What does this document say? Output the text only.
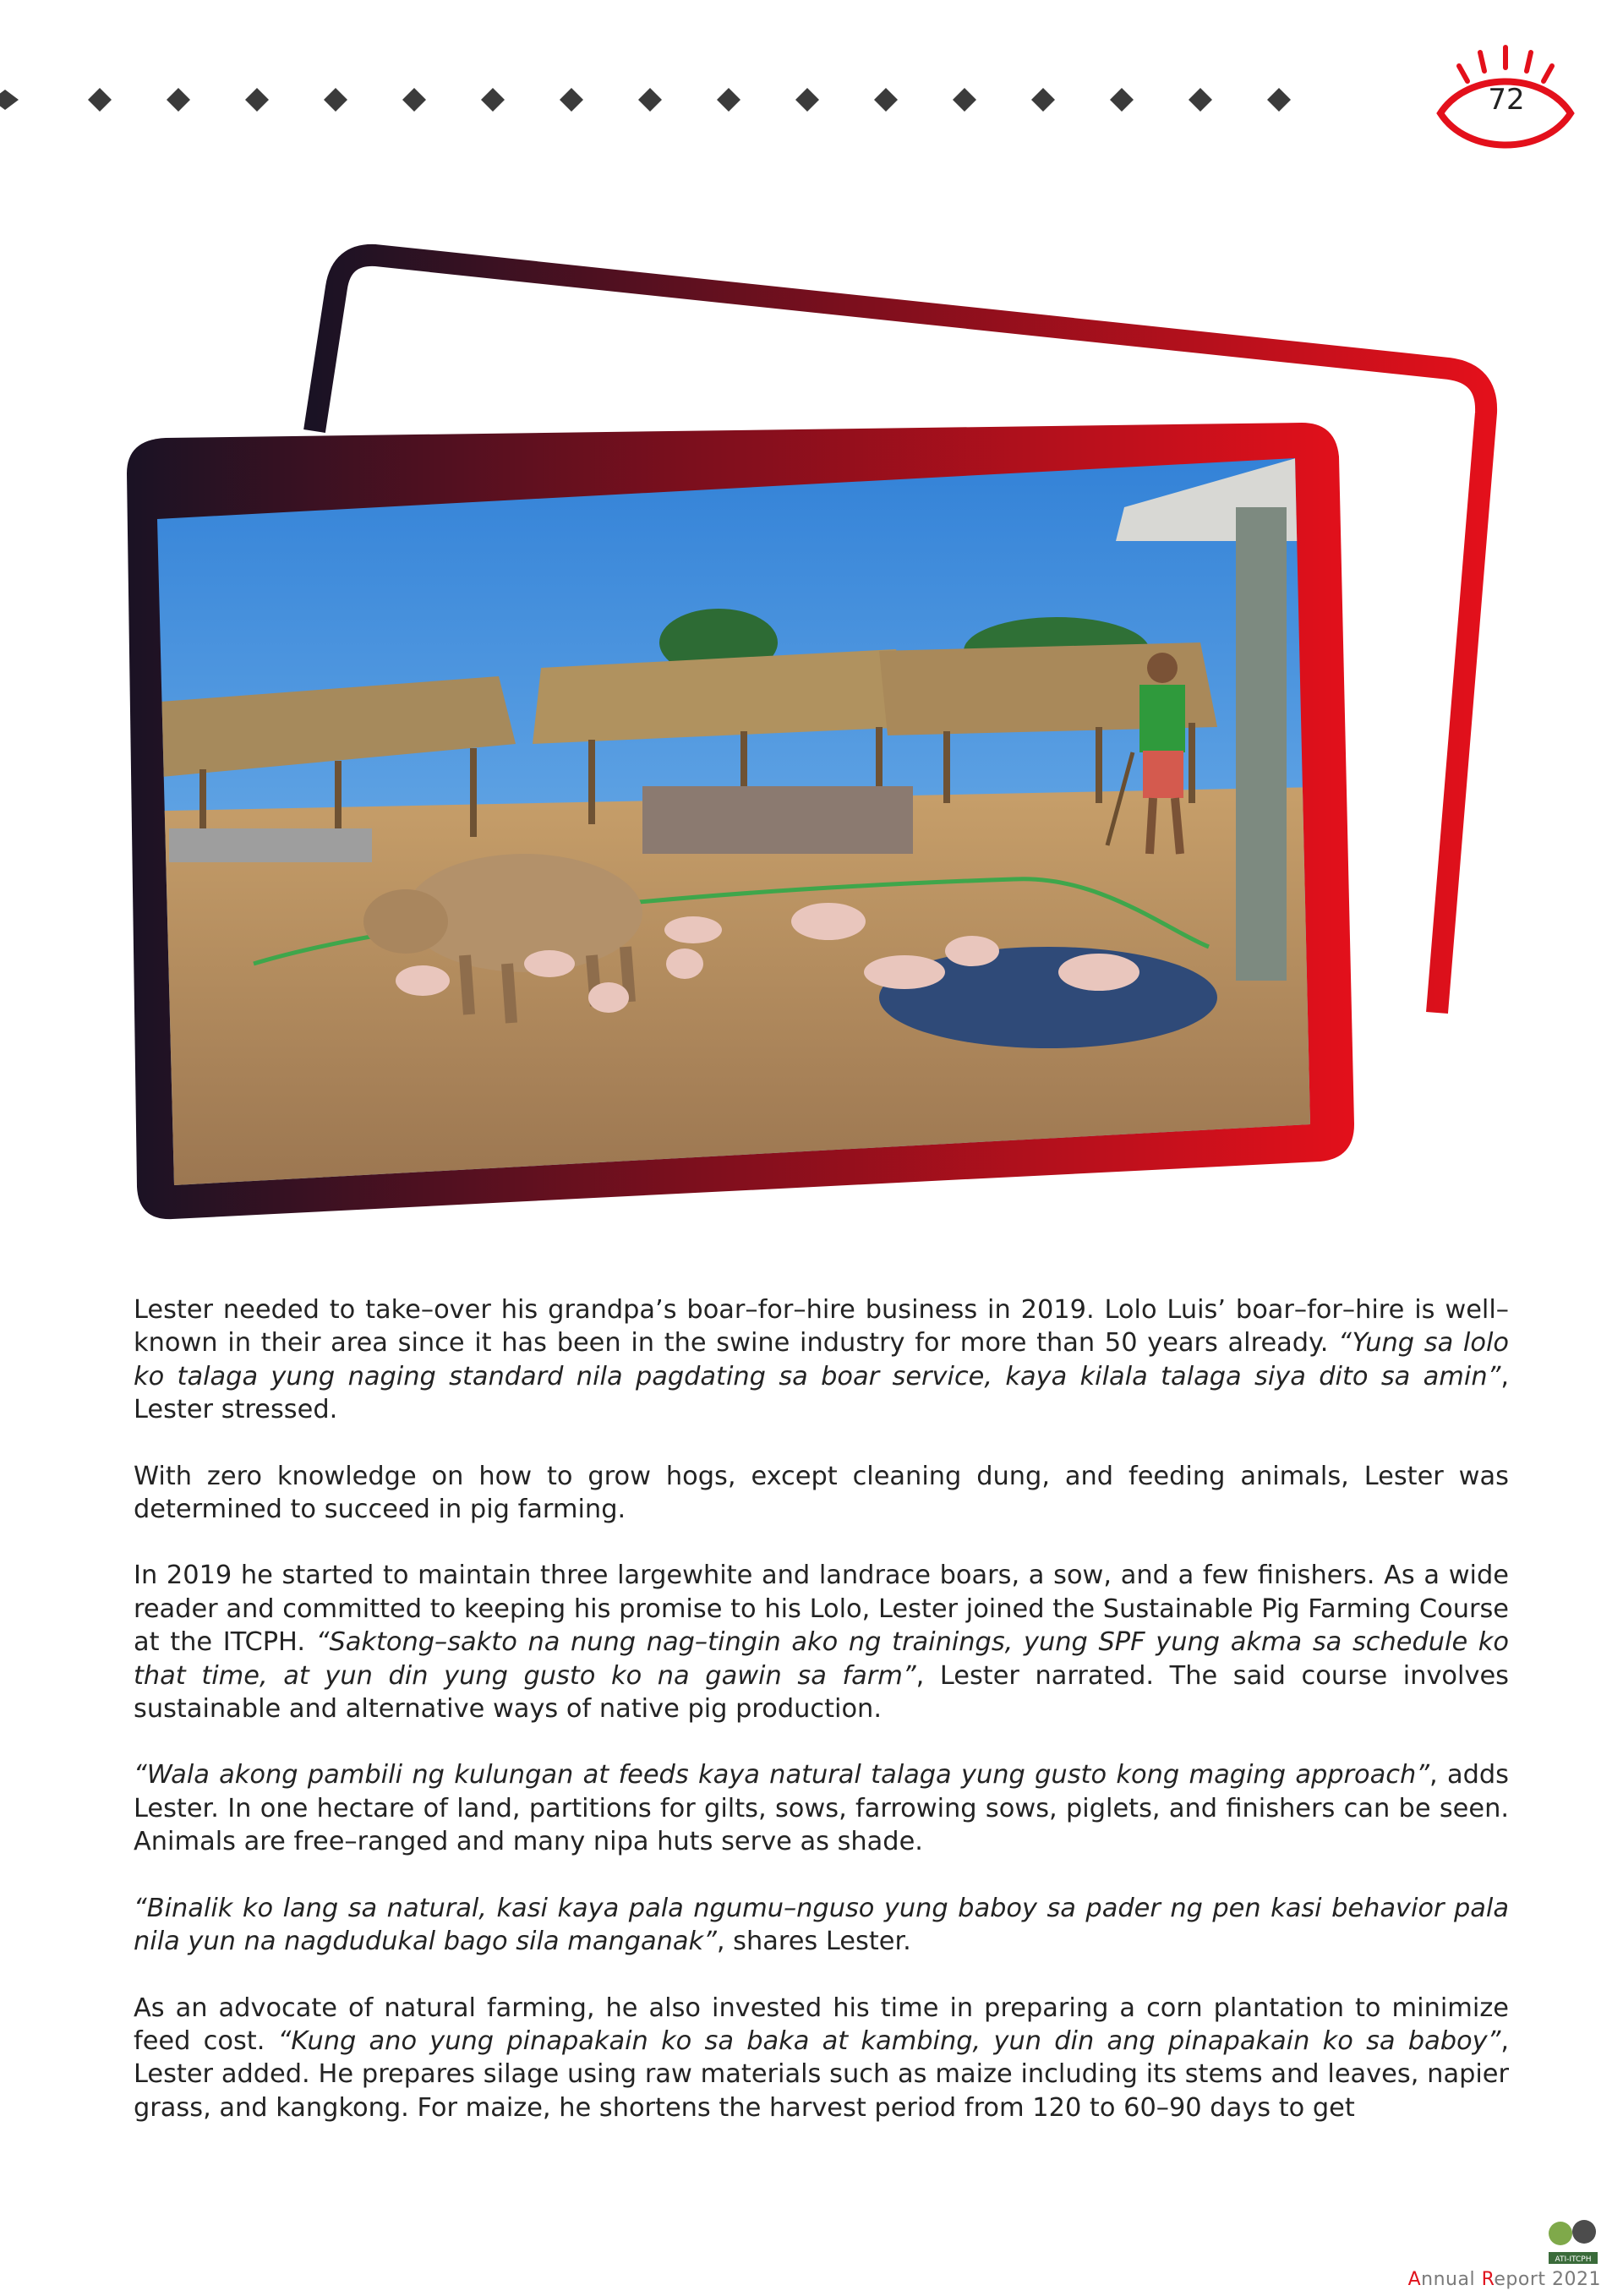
72

Lester needed to take–over his grandpa’s boar–for–hire business in 2019. Lolo Luis’ boar–for–hire is well–known in their area since it has been in the swine industry for more than 50 years already. “Yung sa lolo ko talaga yung naging standard nila pagdating sa boar service, kaya kilala talaga siya dito sa amin”, Lester stressed.

With zero knowledge on how to grow hogs, except cleaning dung, and feeding animals, Lester was determined to succeed in pig farming.

In 2019 he started to maintain three largewhite and landrace boars, a sow, and a few finishers. As a wide reader and committed to keeping his promise to his Lolo, Lester joined the Sustainable Pig Farming Course at the ITCPH. “Saktong–sakto na nung nag–tingin ako ng trainings, yung SPF yung akma sa schedule ko that time, at yun din yung gusto ko na gawin sa farm”, Lester narrated. The said course involves sustainable and alternative ways of native pig production.

“Wala akong pambili ng kulungan at feeds kaya natural talaga yung gusto kong maging approach”, adds Lester. In one hectare of land, partitions for gilts, sows, farrowing sows, piglets, and finishers can be seen. Animals are free–ranged and many nipa huts serve as shade.

“Binalik ko lang sa natural, kasi kaya pala ngumu–nguso yung baboy sa pader ng pen kasi behavior pala nila yun na nagdudukal bago sila manganak”, shares Lester.

As an advocate of natural farming, he also invested his time in preparing a corn plantation to minimize feed cost. “Kung ano yung pinapakain ko sa baka at kambing, yun din ang pinapakain ko sa baboy”, Lester added. He prepares silage using raw materials such as maize including its stems and leaves, napier grass, and kangkong. For maize, he shortens the harvest period from 120 to 60–90 days to get

ATI-ITCPH
Annual Report 2021
